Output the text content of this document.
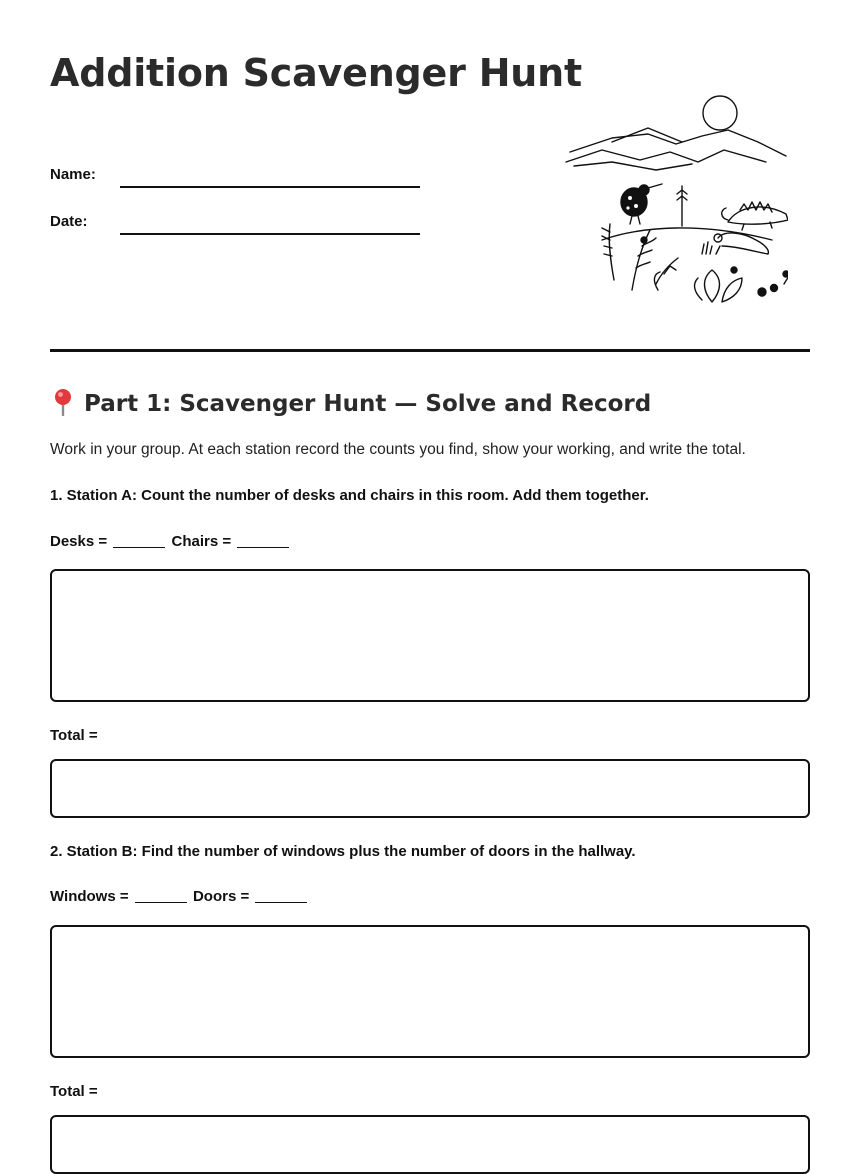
Addition Scavenger Hunt
Name:
Date:
Part 1: Scavenger Hunt — Solve and Record
Work in your group. At each station record the counts you find, show your working, and write the total.
1. Station A: Count the number of desks and chairs in this room. Add them together.
Desks =	Chairs =
Total =
2. Station B: Find the number of windows plus the number of doors in the hallway.
Windows =	Doors =
Total =
